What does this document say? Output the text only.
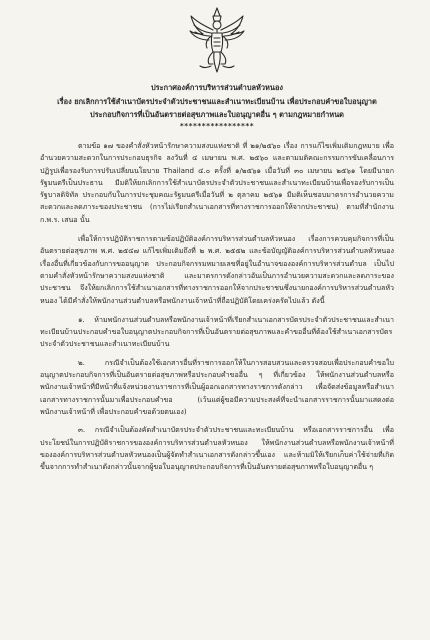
ประกาศองค์การบริหารส่วนตำบลหัวหนอง
เรื่อง ยกเลิกการใช้สำเนาบัตรประจำตัวประชาชนและสำเนาทะเบียนบ้าน เพื่อประกอบคำขอใบอนุญาต
ประกอบกิจการที่เป็นอันตรายต่อสุขภาพและใบอนุญาตอื่น ๆ ตามกฎหมายกำหนด
*****************

ตามข้อ ๑๗ ของคำสั่งหัวหน้ารักษาความสงบแห่งชาติ ที่ ๒๑/๒๕๖๐ เรื่อง การแก้ไขเพิ่มเติมกฎหมาย เพื่ออำนวยความสะดวกในการประกอบธุรกิจ ลงวันที่ ๔ เมษายน พ.ศ. ๒๕๖๐ และตามมติคณะกรรมการขับเคลื่อนการปฏิรูปเพื่อรองรับการปรับเปลี่ยนนโยบาย Thailand ๔.๐ ครั้งที่ ๑/๒๕๖๑ เมื่อวันที่ ๓๐ เมษายน ๒๕๖๑ โดยมีนายกรัฐมนตรีเป็นประธาน มีมติให้ยกเลิกการใช้สำเนาบัตรประจำตัวประชาชนและสำเนาทะเบียนบ้านเพื่อรองรับการเป็นรัฐบาลดิจิทัล ประกอบกับในการประชุมคณะรัฐมนตรีเมื่อวันที่ ๒ ตุลาคม ๒๕๖๑ มีมติเห็นชอบมาตรการอำนวยความสะดวกและลดภาระของประชาชน (การไม่เรียกสำเนาเอกสารที่ทางราชการออกให้จากประชาชน) ตามที่สำนักงาน ก.พ.ร. เสนอ นั้น

เพื่อให้การปฏิบัติราชการตามข้อปฏิบัติองค์การบริหารส่วนตำบลหัวหนอง เรื่องการควบคุมกิจการที่เป็นอันตรายต่อสุขภาพ พ.ศ. ๒๕๔๗ แก้ไขเพิ่มเติมถึงที่ ๒ พ.ศ. ๒๕๕๒ และข้อบัญญัติองค์การบริหารส่วนตำบลหัวหนองเรื่องอื่นที่เกี่ยวข้องกับการขออนุญาต ประกอบกิจกรรมหมายเลขที่อยู่ในอำนาจขององค์การบริหารส่วนตำบล เป็นไปตามคำสั่งหัวหน้ารักษาความสงบแห่งชาติ และมาตรการดังกล่าวอันเป็นการอำนวยความสะดวกและลดภาระของประชาชน จึงให้ยกเลิกการใช้สำเนาเอกสารที่ทางราชการออกให้จากประชาชนซึ่งนายกองค์การบริหารส่วนตำบลหัวหนอง ได้มีคำสั่งให้พนักงานส่วนตำบลหรือพนักงานเจ้าหน้าที่ถือปฏิบัติโดยเคร่งครัดไปแล้ว ดังนี้

๑. ห้ามพนักงานส่วนตำบลหรือพนักงานเจ้าหน้าที่เรียกสำเนาเอกสารบัตรประจำตัวประชาชนและสำเนาทะเบียนบ้านประกอบคำขอใบอนุญาตประกอบกิจการที่เป็นอันตรายต่อสุขภาพและคำขออื่นที่ต้องใช้สำเนาเอกสารบัตรประจำตัวประชาชนและสำเนาทะเบียนบ้าน

๒. กรณีจำเป็นต้องใช้เอกสารอื่นที่ราชการออกให้ในการสอบสวนและตรวจสอบเพื่อประกอบคำขอใบอนุญาตประกอบกิจการที่เป็นอันตรายต่อสุขภาพหรือประกอบคำขออื่น ๆ ที่เกี่ยวข้อง ให้พนักงานส่วนตำบลหรือพนักงานเจ้าหน้าที่มีหน้าที่แจ้งหน่วยงานราชการที่เป็นผู้ออกเอกสารทางราชการดังกล่าว เพื่อจัดส่งข้อมูลหรือสำเนาเอกสารทางราชการนั้นมาเพื่อประกอบคำขอ (เว้นแต่ผู้ขอมีความประสงค์ที่จะนำเอกสารราชการนั้นมาแสดงต่อพนักงานเจ้าหน้าที่ เพื่อประกอบคำขอด้วยตนเอง)

๓. กรณีจำเป็นต้องคัดสำเนาบัตรประจำตัวประชาชนและทะเบียนบ้าน หรือเอกสารราชการอื่น เพื่อประโยชน์ในการปฏิบัติราชการขององค์การบริหารส่วนตำบลหัวหนอง ให้พนักงานส่วนตำบลหรือพนักงานเจ้าหน้าที่ขององค์การบริหารส่วนตำบลหัวหนองเป็นผู้จัดทำสำเนาเอกสารดังกล่าวขึ้นเอง และห้ามมิให้เรียกเก็บค่าใช้จ่ายที่เกิดขึ้นจากการทำสำเนาดังกล่าวนั้นจากผู้ขอใบอนุญาตประกอบกิจการที่เป็นอันตรายต่อสุขภาพหรือใบอนุญาตอื่น ๆ
